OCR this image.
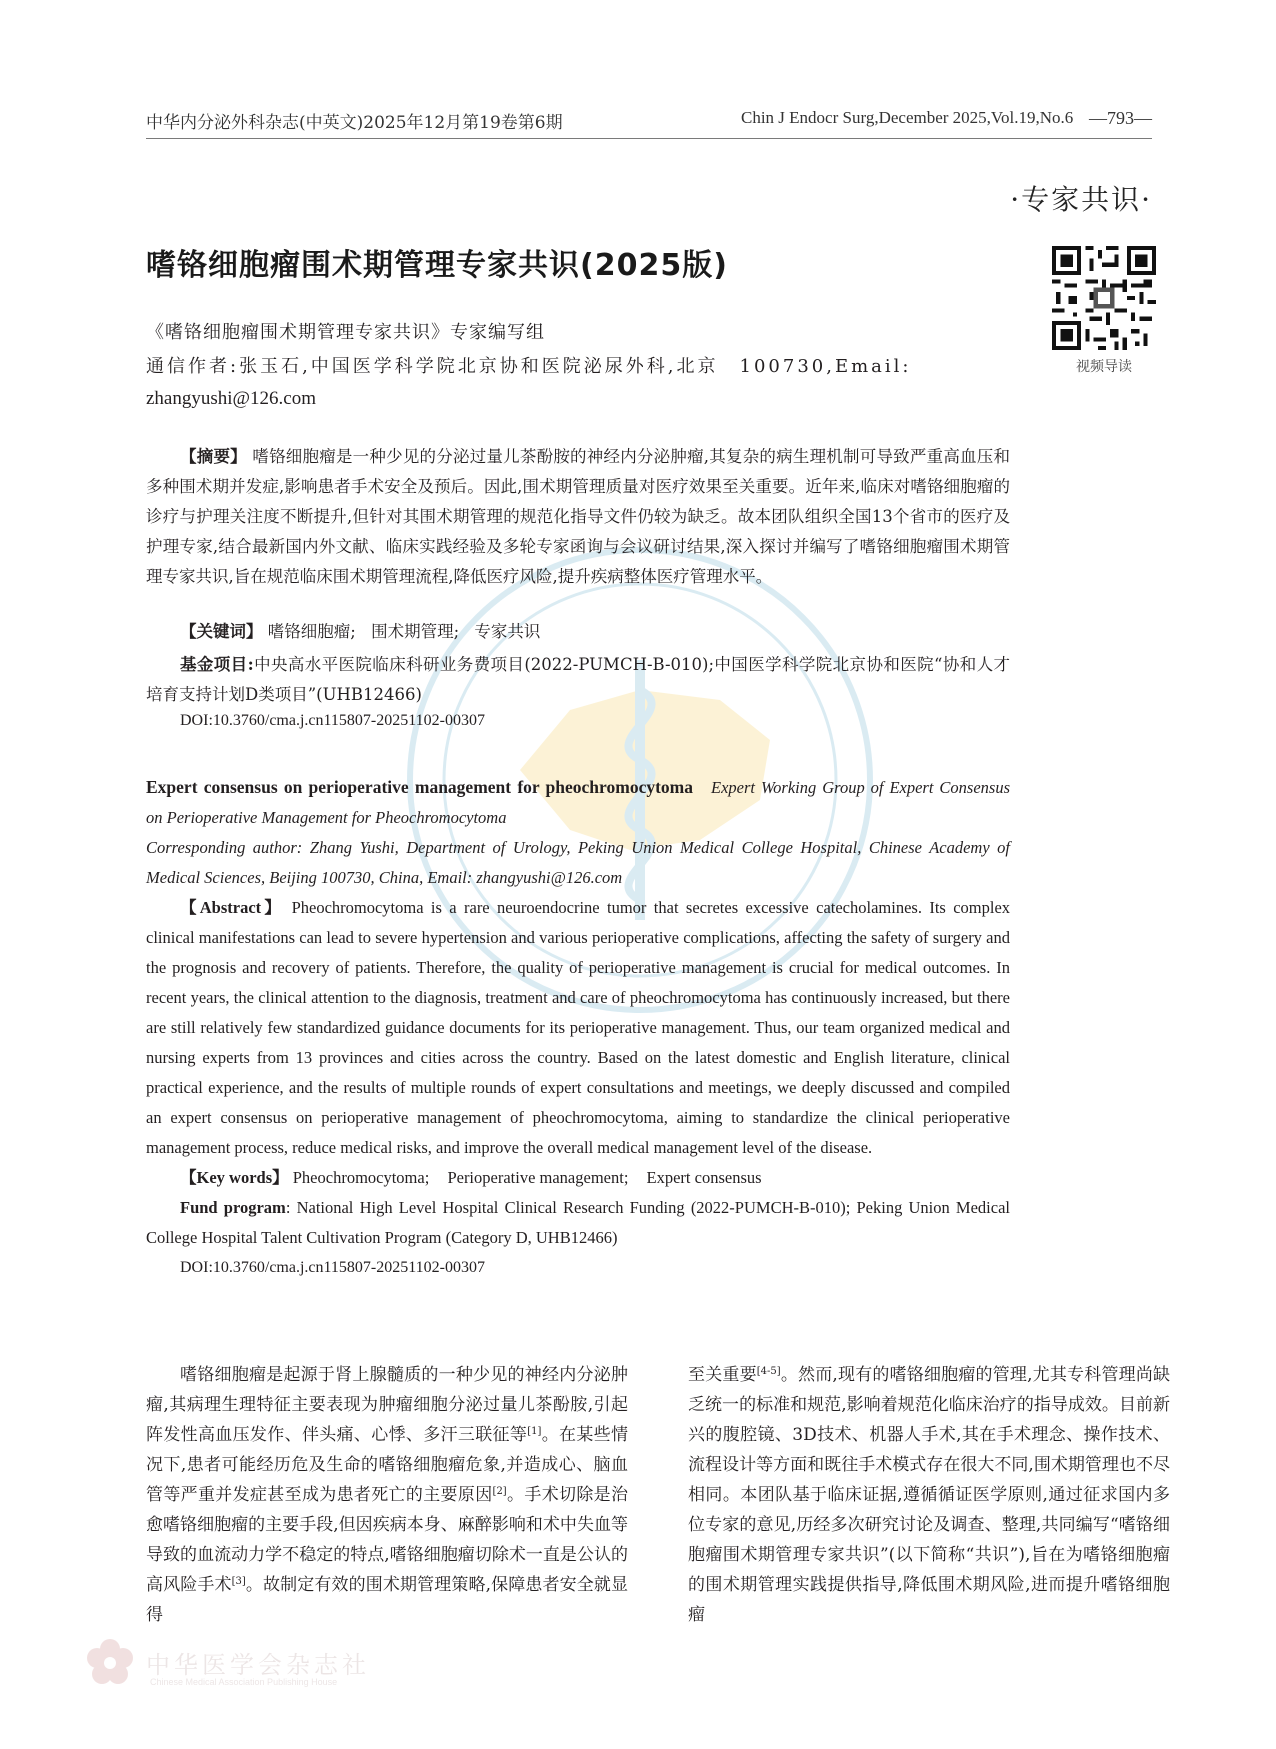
中华内分泌外科杂志(中英文)2025年12月第19卷第6期	Chin J Endocr Surg,December 2025,Vol.19,No.6 —793—
·专家共识·
嗜铬细胞瘤围术期管理专家共识(2025版)
视频导读
《嗜铬细胞瘤围术期管理专家共识》专家编写组
通信作者:张玉石,中国医学科学院北京协和医院泌尿外科,北京　100730,Email:
zhangyushi@126.com
【摘要】 嗜铬细胞瘤是一种少见的分泌过量儿茶酚胺的神经内分泌肿瘤,其复杂的病生理机制可导致严重高血压和多种围术期并发症,影响患者手术安全及预后。因此,围术期管理质量对医疗效果至关重要。近年来,临床对嗜铬细胞瘤的诊疗与护理关注度不断提升,但针对其围术期管理的规范化指导文件仍较为缺乏。故本团队组织全国13个省市的医疗及护理专家,结合最新国内外文献、临床实践经验及多轮专家函询与会议研讨结果,深入探讨并编写了嗜铬细胞瘤围术期管理专家共识,旨在规范临床围术期管理流程,降低医疗风险,提升疾病整体医疗管理水平。
【关键词】 嗜铬细胞瘤; 围术期管理; 专家共识
基金项目:中央高水平医院临床科研业务费项目(2022-PUMCH-B-010);中国医学科学院北京协和医院“协和人才培育支持计划D类项目”(UHB12466)
DOI:10.3760/cma.j.cn115807-20251102-00307
Expert consensus on perioperative management for pheochromocytoma Expert Working Group of Expert Consensus on Perioperative Management for Pheochromocytoma
Corresponding author: Zhang Yushi, Department of Urology, Peking Union Medical College Hospital, Chinese Academy of Medical Sciences, Beijing 100730, China, Email: zhangyushi@126.com
【Abstract】 Pheochromocytoma is a rare neuroendocrine tumor that secretes excessive catecholamines. Its complex clinical manifestations can lead to severe hypertension and various perioperative complications, affecting the safety of surgery and the prognosis and recovery of patients. Therefore, the quality of perioperative management is crucial for medical outcomes. In recent years, the clinical attention to the diagnosis, treatment and care of pheochromocytoma has continuously increased, but there are still relatively few standardized guidance documents for its perioperative management. Thus, our team organized medical and nursing experts from 13 provinces and cities across the country. Based on the latest domestic and English literature, clinical practical experience, and the results of multiple rounds of expert consultations and meetings, we deeply discussed and compiled an expert consensus on perioperative management of pheochromocytoma, aiming to standardize the clinical perioperative management process, reduce medical risks, and improve the overall medical management level of the disease.
【Key words】 Pheochromocytoma; Perioperative management; Expert consensus
Fund program: National High Level Hospital Clinical Research Funding (2022-PUMCH-B-010); Peking Union Medical College Hospital Talent Cultivation Program (Category D, UHB12466)
DOI:10.3760/cma.j.cn115807-20251102-00307
嗜铬细胞瘤是起源于肾上腺髓质的一种少见的神经内分泌肿瘤,其病理生理特征主要表现为肿瘤细胞分泌过量儿茶酚胺,引起阵发性高血压发作、伴头痛、心悸、多汗三联征等[1]。在某些情况下,患者可能经历危及生命的嗜铬细胞瘤危象,并造成心、脑血管等严重并发症甚至成为患者死亡的主要原因[2]。手术切除是治愈嗜铬细胞瘤的主要手段,但因疾病本身、麻醉影响和术中失血等导致的血流动力学不稳定的特点,嗜铬细胞瘤切除术一直是公认的高风险手术[3]。故制定有效的围术期管理策略,保障患者安全就显得
至关重要[4-5]。然而,现有的嗜铬细胞瘤的管理,尤其专科管理尚缺乏统一的标准和规范,影响着规范化临床治疗的指导成效。目前新兴的腹腔镜、3D技术、机器人手术,其在手术理念、操作技术、流程设计等方面和既往手术模式存在很大不同,围术期管理也不尽相同。本团队基于临床证据,遵循循证医学原则,通过征求国内多位专家的意见,历经多次研究讨论及调查、整理,共同编写“嗜铬细胞瘤围术期管理专家共识”(以下简称“共识”),旨在为嗜铬细胞瘤的围术期管理实践提供指导,降低围术期风险,进而提升嗜铬细胞瘤
中华医学会杂志社
Chinese Medical Association Publishing House
